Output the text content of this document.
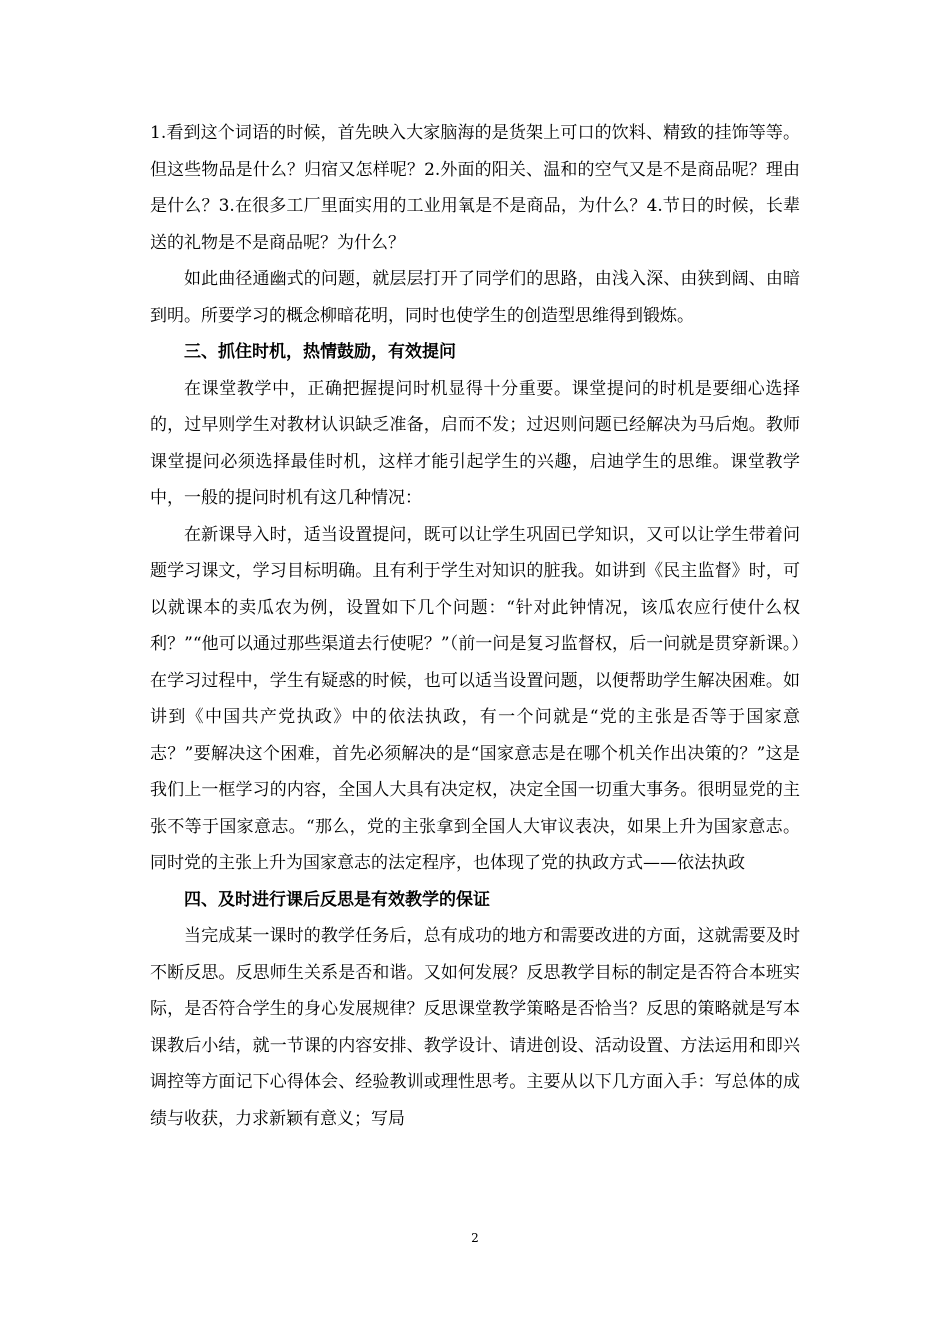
1.看到这个词语的时候，首先映入大家脑海的是货架上可口的饮料、精致的挂饰等等。但这些物品是什么？归宿又怎样呢？2.外面的阳关、温和的空气又是不是商品呢？理由是什么？3.在很多工厂里面实用的工业用氧是不是商品，为什么？4.节日的时候，长辈送的礼物是不是商品呢？为什么？

如此曲径通幽式的问题，就层层打开了同学们的思路，由浅入深、由狭到阔、由暗到明。所要学习的概念柳暗花明，同时也使学生的创造型思维得到锻炼。

三、抓住时机，热情鼓励，有效提问

在课堂教学中，正确把握提问时机显得十分重要。课堂提问的时机是要细心选择的，过早则学生对教材认识缺乏准备，启而不发；过迟则问题已经解决为马后炮。教师课堂提问必须选择最佳时机，这样才能引起学生的兴趣，启迪学生的思维。课堂教学中，一般的提问时机有这几种情况：

在新课导入时，适当设置提问，既可以让学生巩固已学知识，又可以让学生带着问题学习课文，学习目标明确。且有利于学生对知识的脏我。如讲到《民主监督》时，可以就课本的卖瓜农为例，设置如下几个问题：“针对此钟情况，该瓜农应行使什么权利？”“他可以通过那些渠道去行使呢？”（前一问是复习监督权，后一问就是贯穿新课。）在学习过程中，学生有疑惑的时候，也可以适当设置问题，以便帮助学生解决困难。如讲到《中国共产党执政》中的依法执政，有一个问就是“党的主张是否等于国家意志？”要解决这个困难，首先必须解决的是“国家意志是在哪个机关作出决策的？”这是我们上一框学习的内容，全国人大具有决定权，决定全国一切重大事务。很明显党的主张不等于国家意志。“那么，党的主张拿到全国人大审议表决，如果上升为国家意志。同时党的主张上升为国家意志的法定程序，也体现了党的执政方式——依法执政

四、及时进行课后反思是有效教学的保证

当完成某一课时的教学任务后，总有成功的地方和需要改进的方面，这就需要及时不断反思。反思师生关系是否和谐。又如何发展？反思教学目标的制定是否符合本班实际，是否符合学生的身心发展规律？反思课堂教学策略是否恰当？反思的策略就是写本课教后小结，就一节课的内容安排、教学设计、请进创设、活动设置、方法运用和即兴调控等方面记下心得体会、经验教训或理性思考。主要从以下几方面入手：写总体的成绩与收获，力求新颖有意义；写局

2
